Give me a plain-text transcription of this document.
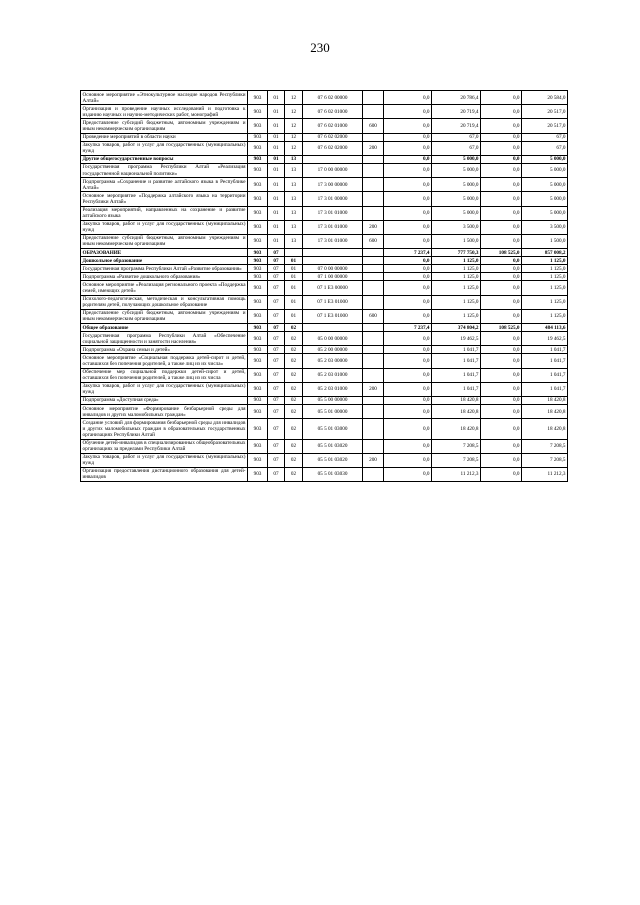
230
Основное мероприятие «Этнокультурное наследие народов Республики Алтай»	903	01	12	07 6 02 00000		0,0	20 786,4	0,0	20 584,0
Организация и проведение научных исследований и подготовка к изданию научных и научно-методических работ, монографий	903	01	12	07 6 02 01000		0,0	20 719,4	0,0	20 517,0
Предоставление субсидий бюджетным, автономным учреждениям и иным некоммерческим организациям	903	01	12	07 6 02 01000	600	0,0	20 719,4	0,0	20 517,0
Проведение мероприятий в области науки	903	01	12	07 6 02 02000		0,0	67,0	0,0	67,0
Закупка товаров, работ и услуг для государственных (муниципальных) нужд	903	01	12	07 6 02 02000	200	0,0	67,0	0,0	67,0
Другие общегосударственные вопросы	903	01	13			0,0	5 000,0	0,0	5 000,0
Государственная программа Республики Алтай «Реализация государственной национальной политики»	903	01	13	17 0 00 00000		0,0	5 000,0	0,0	5 000,0
Подпрограмма «Сохранение и развитие алтайского языка в Республике Алтай»	903	01	13	17 3 00 00000		0,0	5 000,0	0,0	5 000,0
Основное мероприятие «Поддержка алтайского языка на территории Республики Алтай»	903	01	13	17 3 01 00000		0,0	5 000,0	0,0	5 000,0
Реализация мероприятий, направленных на сохранение и развитие алтайского языка	903	01	13	17 3 01 01000		0,0	5 000,0	0,0	5 000,0
Закупка товаров, работ и услуг для государственных (муниципальных) нужд	903	01	13	17 3 01 01000	200	0,0	3 500,0	0,0	3 500,0
Предоставление субсидий бюджетным, автономным учреждениям и иным некоммерческим организациям	903	01	13	17 3 01 01000	600	0,0	1 500,0	0,0	1 500,0
ОБРАЗОВАНИЕ	903	07				7 237,4	777 750,3	108 525,0	857 008,2
Дошкольное образование	903	07	01			0,0	1 125,0	0,0	1 125,0
Государственная программа Республики Алтай «Развитие образования»	903	07	01	07 0 00 00000		0,0	1 125,0	0,0	1 125,0
Подпрограмма «Развитие дошкольного образования»	903	07	01	07 1 00 00000		0,0	1 125,0	0,0	1 125,0
Основное мероприятие «Реализация регионального проекта «Поддержка семей, имеющих детей»	903	07	01	07 1 E3 00000		0,0	1 125,0	0,0	1 125,0
Психолого-педагогическая, методическая и консультативная помощь родителям детей, получающих дошкольное образование	903	07	01	07 1 E3 01000		0,0	1 125,0	0,0	1 125,0
Предоставление субсидий бюджетным, автономным учреждениям и иным некоммерческим организациям	903	07	01	07 1 E3 01000	600	0,0	1 125,0	0,0	1 125,0
Общее образование	903	07	02			7 237,4	374 804,2	108 525,0	484 113,6
Государственная программа Республики Алтай «Обеспечение социальной защищенности и занятости населения»	903	07	02	05 0 00 00000		0,0	19 462,5	0,0	19 462,5
Подпрограмма «Охрана семьи и детей»	903	07	02	05 2 00 00000		0,0	1 041,7	0,0	1 041,7
Основное мероприятие «Социальная поддержка детей-сирот и детей, оставшихся без попечения родителей, а также лиц из их числа»	903	07	02	05 2 03 00000		0,0	1 041,7	0,0	1 041,7
Обеспечение мер социальной поддержки детей-сирот и детей, оставшихся без попечения родителей, а также лиц из их числа	903	07	02	05 2 03 01000		0,0	1 041,7	0,0	1 041,7
Закупка товаров, работ и услуг для государственных (муниципальных) нужд	903	07	02	05 2 03 01000	200	0,0	1 041,7	0,0	1 041,7
Подпрограмма «Доступная среда»	903	07	02	05 5 00 00000		0,0	18 420,8	0,0	18 420,8
Основное мероприятие «Формирование безбарьерной среды для инвалидов и других маломобильных граждан»	903	07	02	05 5 01 00000		0,0	18 420,8	0,0	18 420,8
Создание условий для формирования безбарьерной среды для инвалидов и других маломобильных граждан в образовательных государственных организациях Республики Алтай	903	07	02	05 5 01 03000		0,0	18 420,8	0,0	18 420,8
Обучение детей-инвалидов в специализированных общеобразовательных организациях за пределами Республики Алтай	903	07	02	05 5 01 03020		0,0	7 208,5	0,0	7 208,5
Закупка товаров, работ и услуг для государственных (муниципальных) нужд	903	07	02	05 5 01 03020	200	0,0	7 208,5	0,0	7 208,5
Организация предоставления дистанционного образования для детей-инвалидов	903	07	02	05 5 01 03030		0,0	11 212,3	0,0	11 212,3
